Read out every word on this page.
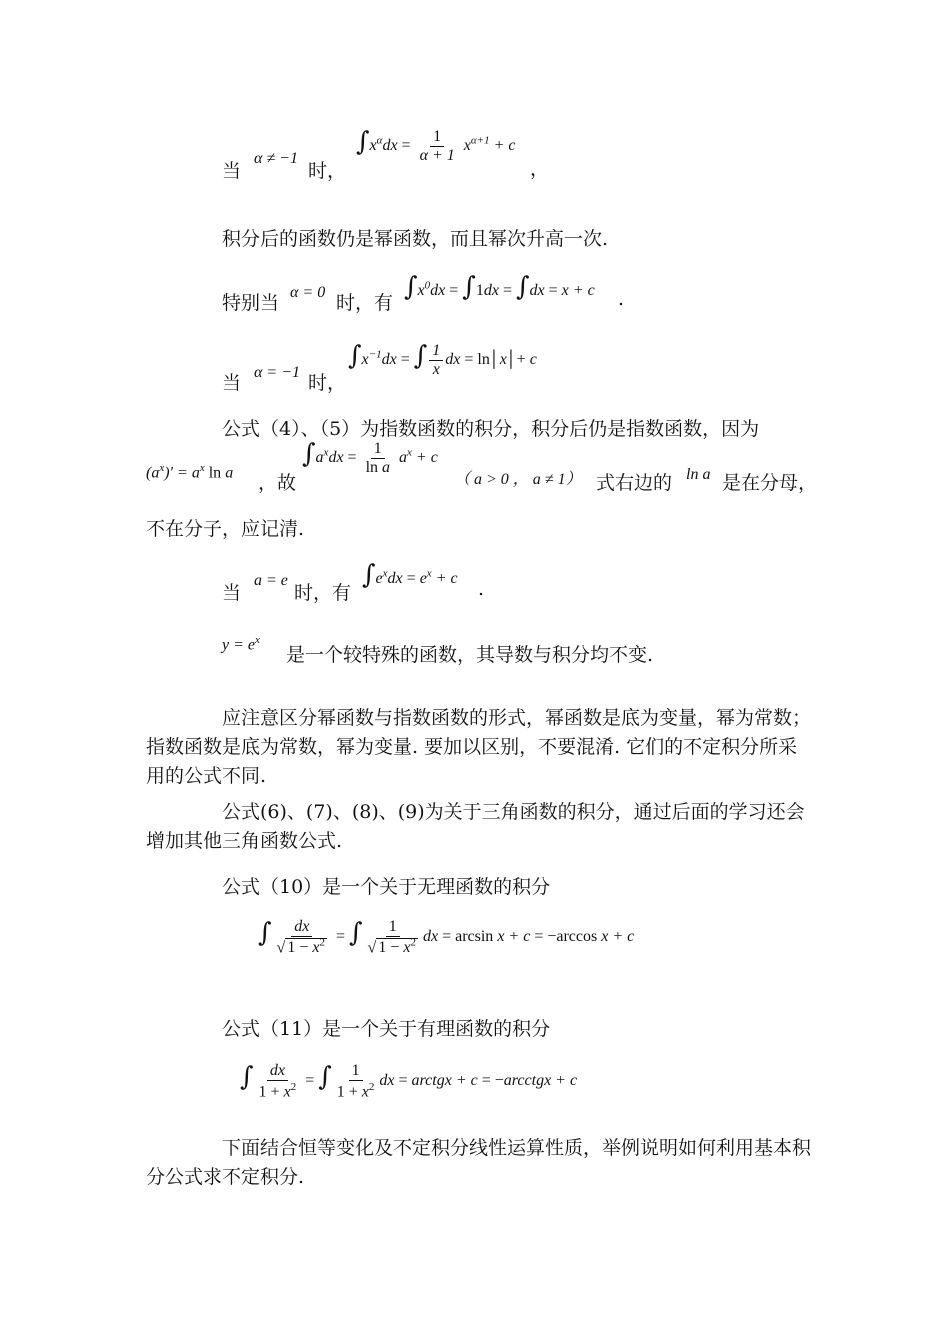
当
α ≠ −1
时，
$\int x^\alpha dx = \frac{1}{\alpha + 1} x^{\alpha+1} + c$
，
积分后的函数仍是幂函数，而且幂次升高一次.
特别当 α = 0 时，有
$\int x^0dx = \int 1dx = \int dx = x + c$ .
当 α = −1 时，
$\int x^{-1}dx$ = ∫ $\frac{1}{x}$ dx = ln│x│+ c
公式（4）、（5）为指数函数的积分，积分后仍是指数函数，因为
$(a^x)' = a^x$ ln a ，故
$\int a^xdx = \frac{1}{\text{ln a}} a^x + c$
（ a > 0 ， a ≠ 1） 式右边的 ln a 是在分母，
不在分子，应记清.
当
a = e
时，有
$\int e^xdx = e^x + c$ .
$y = e^x$
是一个较特殊的函数，其导数与积分均不变.
应注意区分幂函数与指数函数的形式，幂函数是底为变量，幂为常数；指数函数是底为常数，幂为变量. 要加以区别，不要混淆. 它们的不定积分所采用的公式不同.
公式(6)、(7)、(8)、(9)为关于三角函数的积分，通过后面的学习还会增加其他三角函数公式.
公式（10）是一个关于无理函数的积分
∫ $\frac{dx}{√ 1 - x^2}$ = ∫ $\frac{1}{√ 1 - x^2}$ dx = arcsin x + c = −arccos x + c
公式（11）是一个关于有理函数的积分
∫ $\frac{dx}{1 + x^2}$ = ∫ $\frac{1}{1 + x^2}$ dx = arctgx + c = −arcctgx + c
下面结合恒等变化及不定积分线性运算性质，举例说明如何利用基本积分公式求不定积分.
